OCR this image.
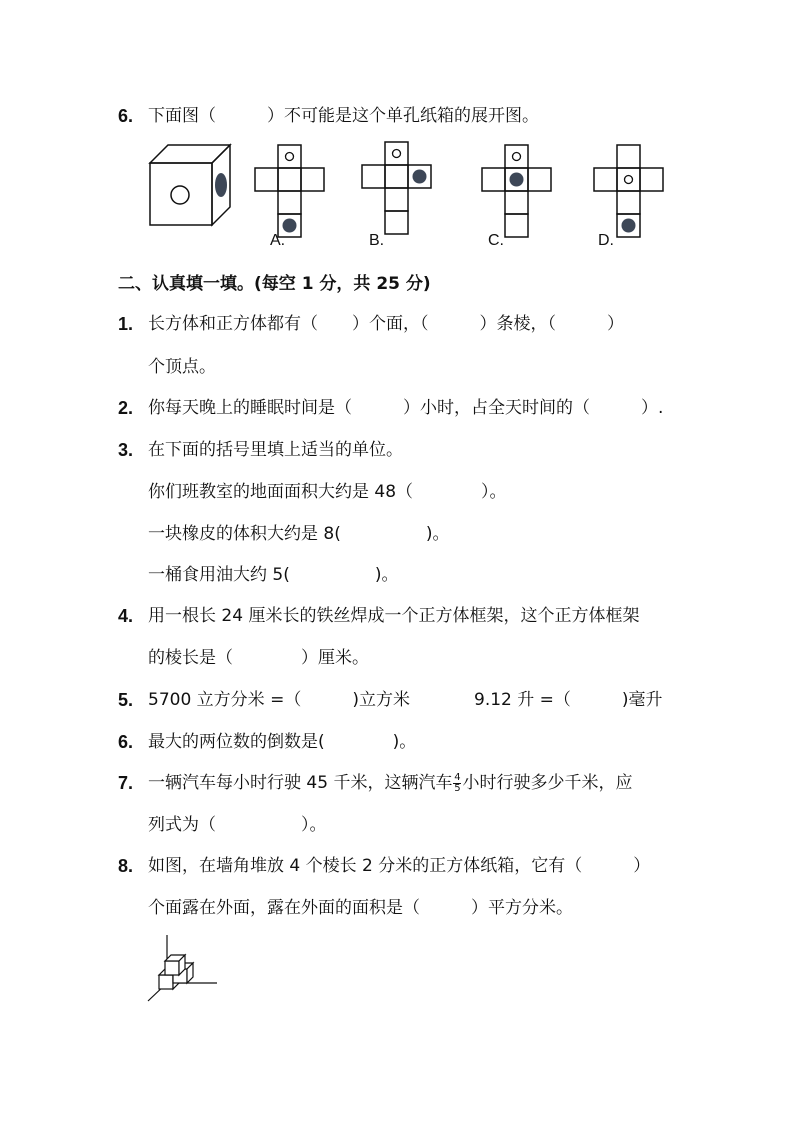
6. 下面图（　　　）不可能是这个单孔纸箱的展开图。
A.	B.	C.	D.
二、认真填一填。(每空 1 分，共 25 分)
1. 长方体和正方体都有（　　）个面，（　　　）条棱，（　　　）
个顶点。
2. 你每天晚上的睡眠时间是（　　　）小时，占全天时间的（　　　）.
3. 在下面的括号里填上适当的单位。
你们班教室的地面面积大约是 48（　　　　）。
一块橡皮的体积大约是 8(　　　　　)。
一桶食用油大约 5(　　　　　)。
4. 用一根长 24 厘米长的铁丝焊成一个正方体框架，这个正方体框架
的棱长是（　　　　）厘米。
5. 5700 立方分米 =（　　　)立方米	9.12 升 =（　　　)毫升
6. 最大的两位数的倒数是(　　　　)。
7. 一辆汽车每小时行驶 45 千米，这辆汽车 $\frac{4}{5}$ 小时行驶多少千米，应
列式为（　　　　　）。
8. 如图，在墙角堆放 4 个棱长 2 分米的正方体纸箱，它有（　　　）
个面露在外面，露在外面的面积是（　　　）平方分米。
